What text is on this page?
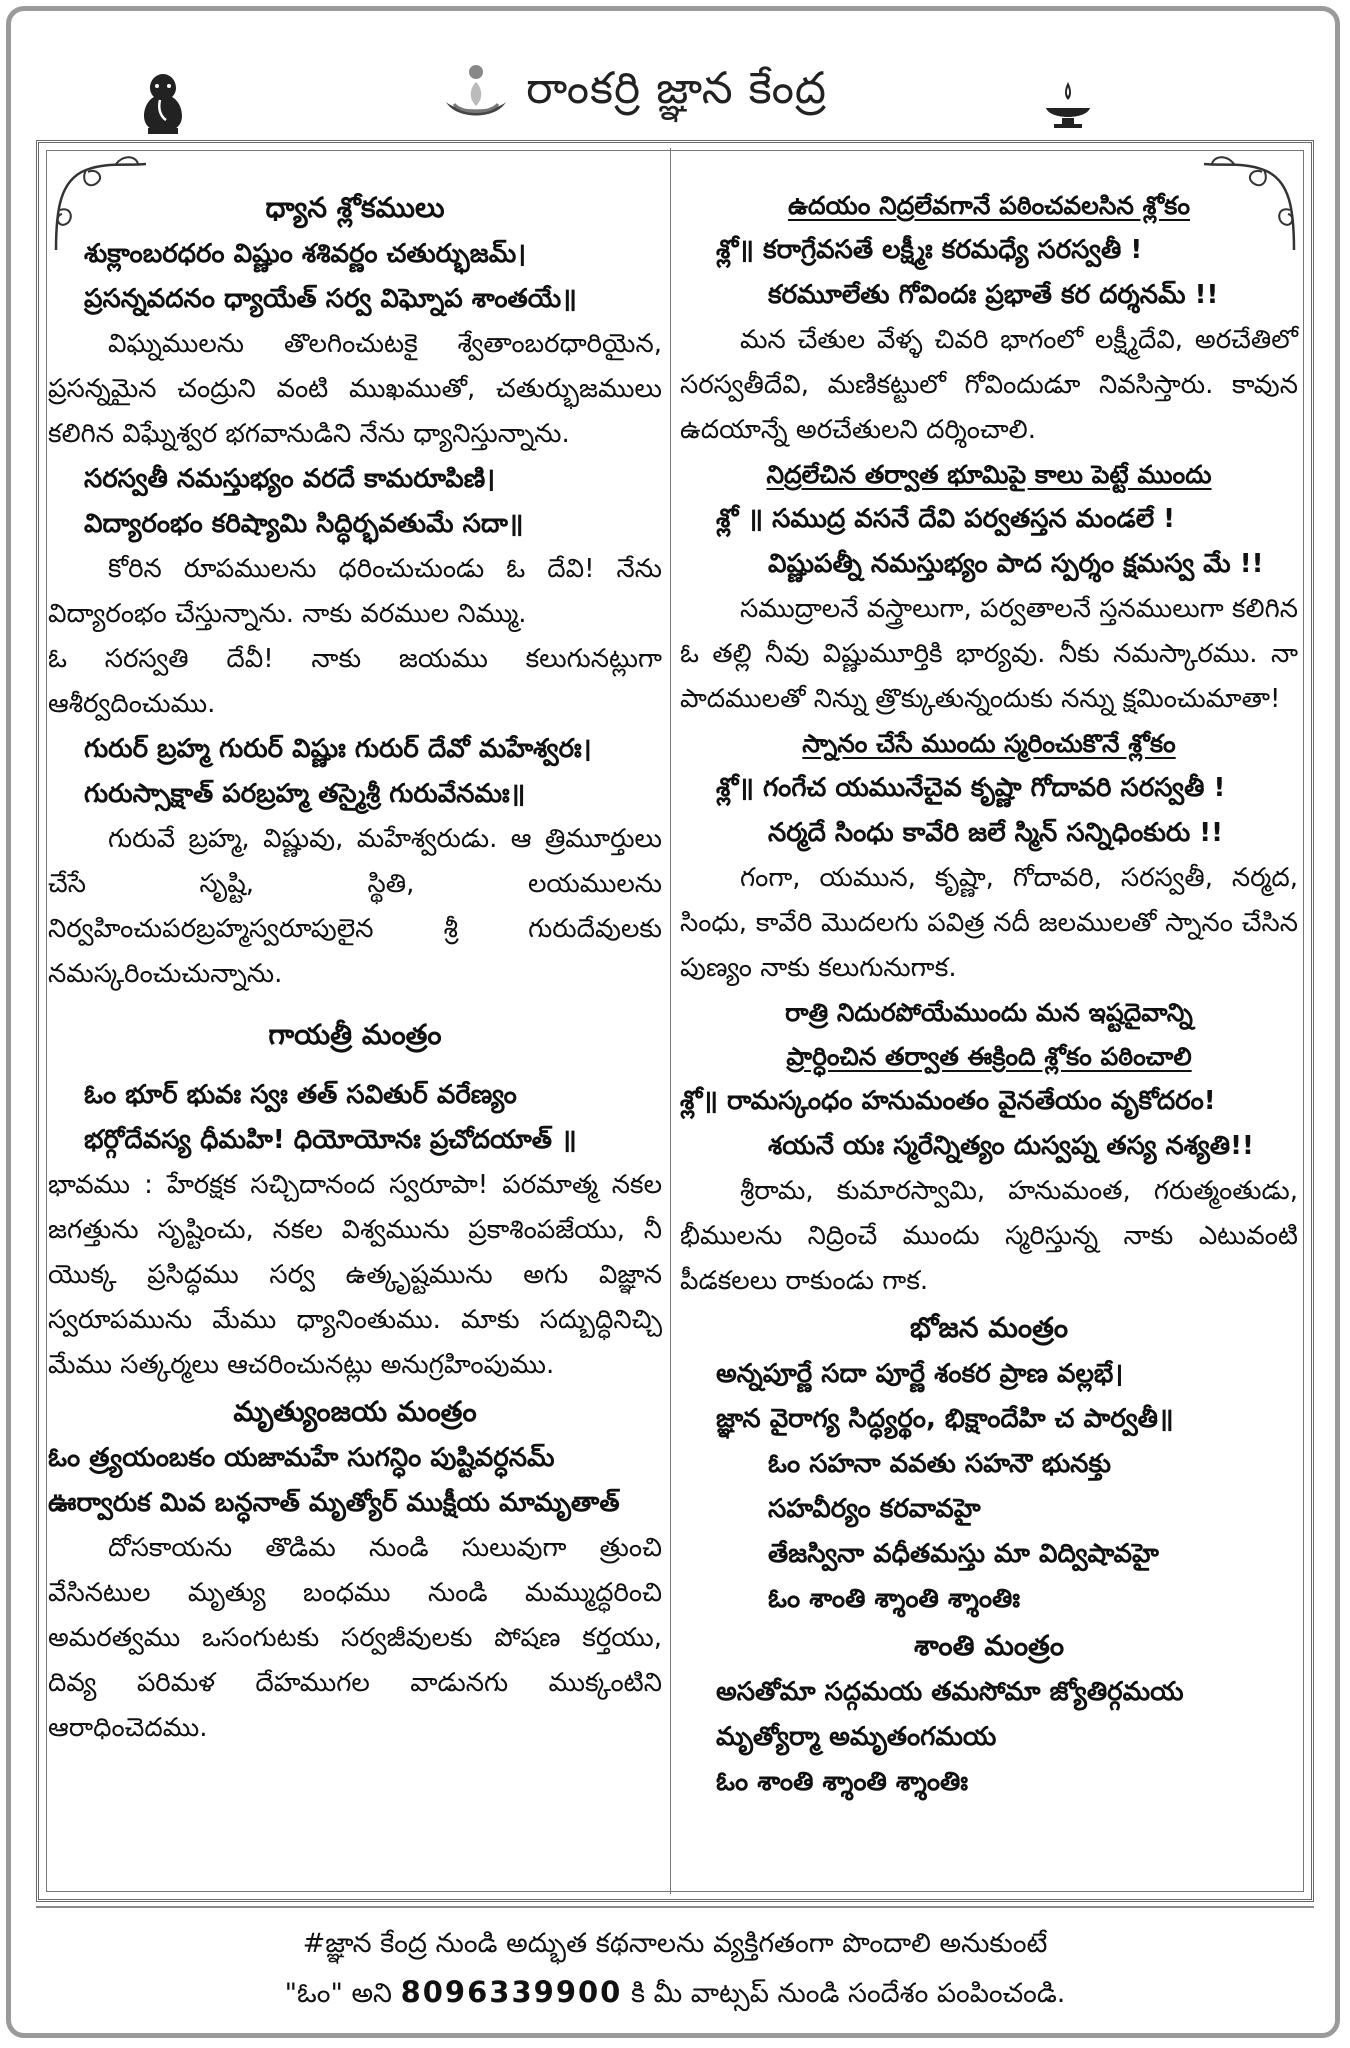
రాంకర్రి జ్ఞాన కేంద్ర
ధ్యాన శ్లోకములు
శుక్లాంబరధరం విష్ణుం శశివర్ణం చతుర్భుజమ్।
ప్రసన్నవదనం ధ్యాయేత్ సర్వ విఘ్నోప శాంతయే॥
విఘ్నములను తొలగించుటకై శ్వేతాంబరధారియైన, ప్రసన్నమైన చంద్రుని వంటి ముఖముతో, చతుర్భుజములు కలిగిన విఘ్నేశ్వర భగవానుడిని నేను ధ్యానిస్తున్నాను.
సరస్వతీ నమస్తుభ్యం వరదే కామరూపిణి।
విద్యారంభం కరిష్యామి సిద్ధిర్భవతుమే సదా॥
కోరిన రూపములను ధరించుచుండు ఓ దేవి! నేను విద్యారంభం చేస్తున్నాను. నాకు వరముల నిమ్ము.
ఓ సరస్వతి దేవీ! నాకు జయము కలుగునట్లుగా ఆశీర్వదించుము.
గురుర్ బ్రహ్మ గురుర్ విష్ణుః గురుర్ దేవో మహేశ్వరః।
గురుస్సాక్షాత్ పరబ్రహ్మ తస్మైశ్రీ గురువేనమః॥
గురువే బ్రహ్మ, విష్ణువు, మహేశ్వరుడు. ఆ త్రిమూర్తులు చేసే సృష్టి, స్థితి, లయములను నిర్వహించుపరబ్రహ్మస్వరూపులైన శ్రీ గురుదేవులకు నమస్కరించుచున్నాను.
గాయత్రీ మంత్రం
ఓం భూర్ భువః స్వః తత్ సవితుర్ వరేణ్యం
భర్గోదేవస్య ధీమహి! ధియోయోనః ప్రచోదయాత్ ॥
భావము : హేరక్షక సచ్చిదానంద స్వరూపా! పరమాత్మ నకల జగత్తును సృష్టించు, నకల విశ్వమును ప్రకాశింపజేయు, నీ యొక్క ప్రసిద్ధము సర్వ ఉత్కృష్టమును అగు విజ్ఞాన స్వరూపమును మేము ధ్యానింతుము. మాకు సద్బుద్ధినిచ్చి మేము సత్కర్మలు ఆచరించునట్లు అనుగ్రహింపుము.
మృత్యుంజయ మంత్రం
ఓం త్ర్యయంబకం యజామహే సుగన్ధిం పుష్టివర్ధనమ్
ఊర్వారుక మివ బన్ధనాత్ మృత్యోర్ ముక్షీయ మామృతాత్
దోసకాయను తొడిమ నుండి సులువుగా త్రుంచి వేసినటుల మృత్యు బంధము నుండి మమ్ముద్ధరించి అమరత్వము ఒసంగుటకు సర్వజీవులకు పోషణ కర్తయు, దివ్య పరిమళ దేహముగల వాడునగు ముక్కంటిని ఆరాధించెదము.
ఉదయం నిద్రలేవగానే పఠించవలసిన శ్లోకం
శ్లో॥ కరాగ్రేవసతే లక్ష్మీః కరమధ్యే సరస్వతీ !
కరమూలేతు గోవిందః ప్రభాతే కర దర్శనమ్ !!
మన చేతుల వేళ్ళ చివరి భాగంలో లక్ష్మీదేవి, అరచేతిలో సరస్వతీదేవి, మణికట్టులో గోవిందుడూ నివసిస్తారు. కావున ఉదయాన్నే అరచేతులని దర్శించాలి.
నిద్రలేచిన తర్వాత భూమిపై కాలు పెట్టే ముందు
శ్లో ॥ సముద్ర వసనే దేవి పర్వతస్తన మండలే !
విష్ణుపత్నీ నమస్తుభ్యం పాద స్పర్శం క్షమస్వ మే !!
సముద్రాలనే వస్త్రాలుగా, పర్వతాలనే స్తనములుగా కలిగిన ఓ తల్లి నీవు విష్ణుమూర్తికి భార్యవు. నీకు నమస్కారము. నా పాదములతో నిన్ను త్రొక్కుతున్నందుకు నన్ను క్షమించుమాతా!
స్నానం చేసే ముందు స్మరించుకొనే శ్లోకం
శ్లో॥ గంగేచ యమునేచైవ కృష్ణా గోదావరి సరస్వతీ !
నర్మదే సింధు కావేరి జలే స్మిన్ సన్నిధింకురు !!
గంగా, యమున, కృష్ణా, గోదావరి, సరస్వతీ, నర్మద, సింధు, కావేరి మొదలగు పవిత్ర నదీ జలములతో స్నానం చేసిన పుణ్యం నాకు కలుగునుగాక.
రాత్రి నిదురపోయేముందు మన ఇష్టదైవాన్ని
ప్రార్ధించిన తర్వాత ఈక్రింది శ్లోకం పఠించాలి
శ్లో॥ రామస్కంధం హనుమంతం వైనతేయం వృకోదరం!
శయనే యః స్మరేన్నిత్యం దుస్వప్న తస్య నశ్యతి!!
శ్రీరామ, కుమారస్వామి, హనుమంత, గరుత్మంతుడు, భీములను నిద్రించే ముందు స్మరిస్తున్న నాకు ఎటువంటి పీడకలలు రాకుండు గాక.
భోజన మంత్రం
అన్నపూర్ణే సదా పూర్ణే శంకర ప్రాణ వల్లభే।
జ్ఞాన వైరాగ్య సిద్ధ్యర్థం, భిక్షాందేహి చ పార్వతీ॥
ఓం సహనా వవతు సహనౌ భునక్తు
సహవీర్యం కరవావహై
తేజస్వినా వధీతమస్తు మా విద్విషావహై
ఓం శాంతి శ్శాంతి శ్శాంతిః
శాంతి మంత్రం
అసతోమా సద్గమయ తమసోమా జ్యోతిర్గమయ
మృత్యోర్మా అమృతంగమయ
ఓం శాంతి శ్శాంతి శ్శాంతిః
#జ్ఞాన కేంద్ర నుండి అద్భుత కథనాలను వ్యక్తిగతంగా పొందాలి అనుకుంటే
"ఓం" అని 8096339900 కి మీ వాట్సప్ నుండి సందేశం పంపించండి.
